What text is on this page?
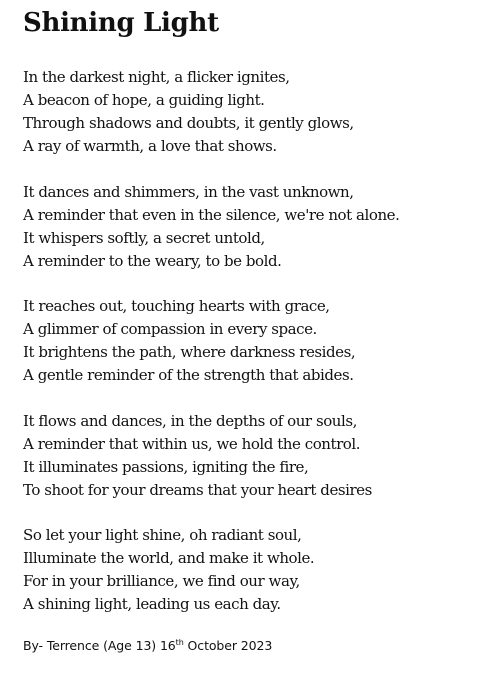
Shining Light
In the darkest night, a flicker ignites,
A beacon of hope, a guiding light.
Through shadows and doubts, it gently glows,
A ray of warmth, a love that shows.
It dances and shimmers, in the vast unknown,
A reminder that even in the silence, we're not alone.
It whispers softly, a secret untold,
A reminder to the weary, to be bold.
It reaches out, touching hearts with grace,
A glimmer of compassion in every space.
It brightens the path, where darkness resides,
A gentle reminder of the strength that abides.
It flows and dances, in the depths of our souls,
A reminder that within us, we hold the control.
It illuminates passions, igniting the fire,
To shoot for your dreams that your heart desires
So let your light shine, oh radiant soul,
Illuminate the world, and make it whole.
For in your brilliance, we find our way,
A shining light, leading us each day.

By- Terrence (Age 13) 16th October 2023
